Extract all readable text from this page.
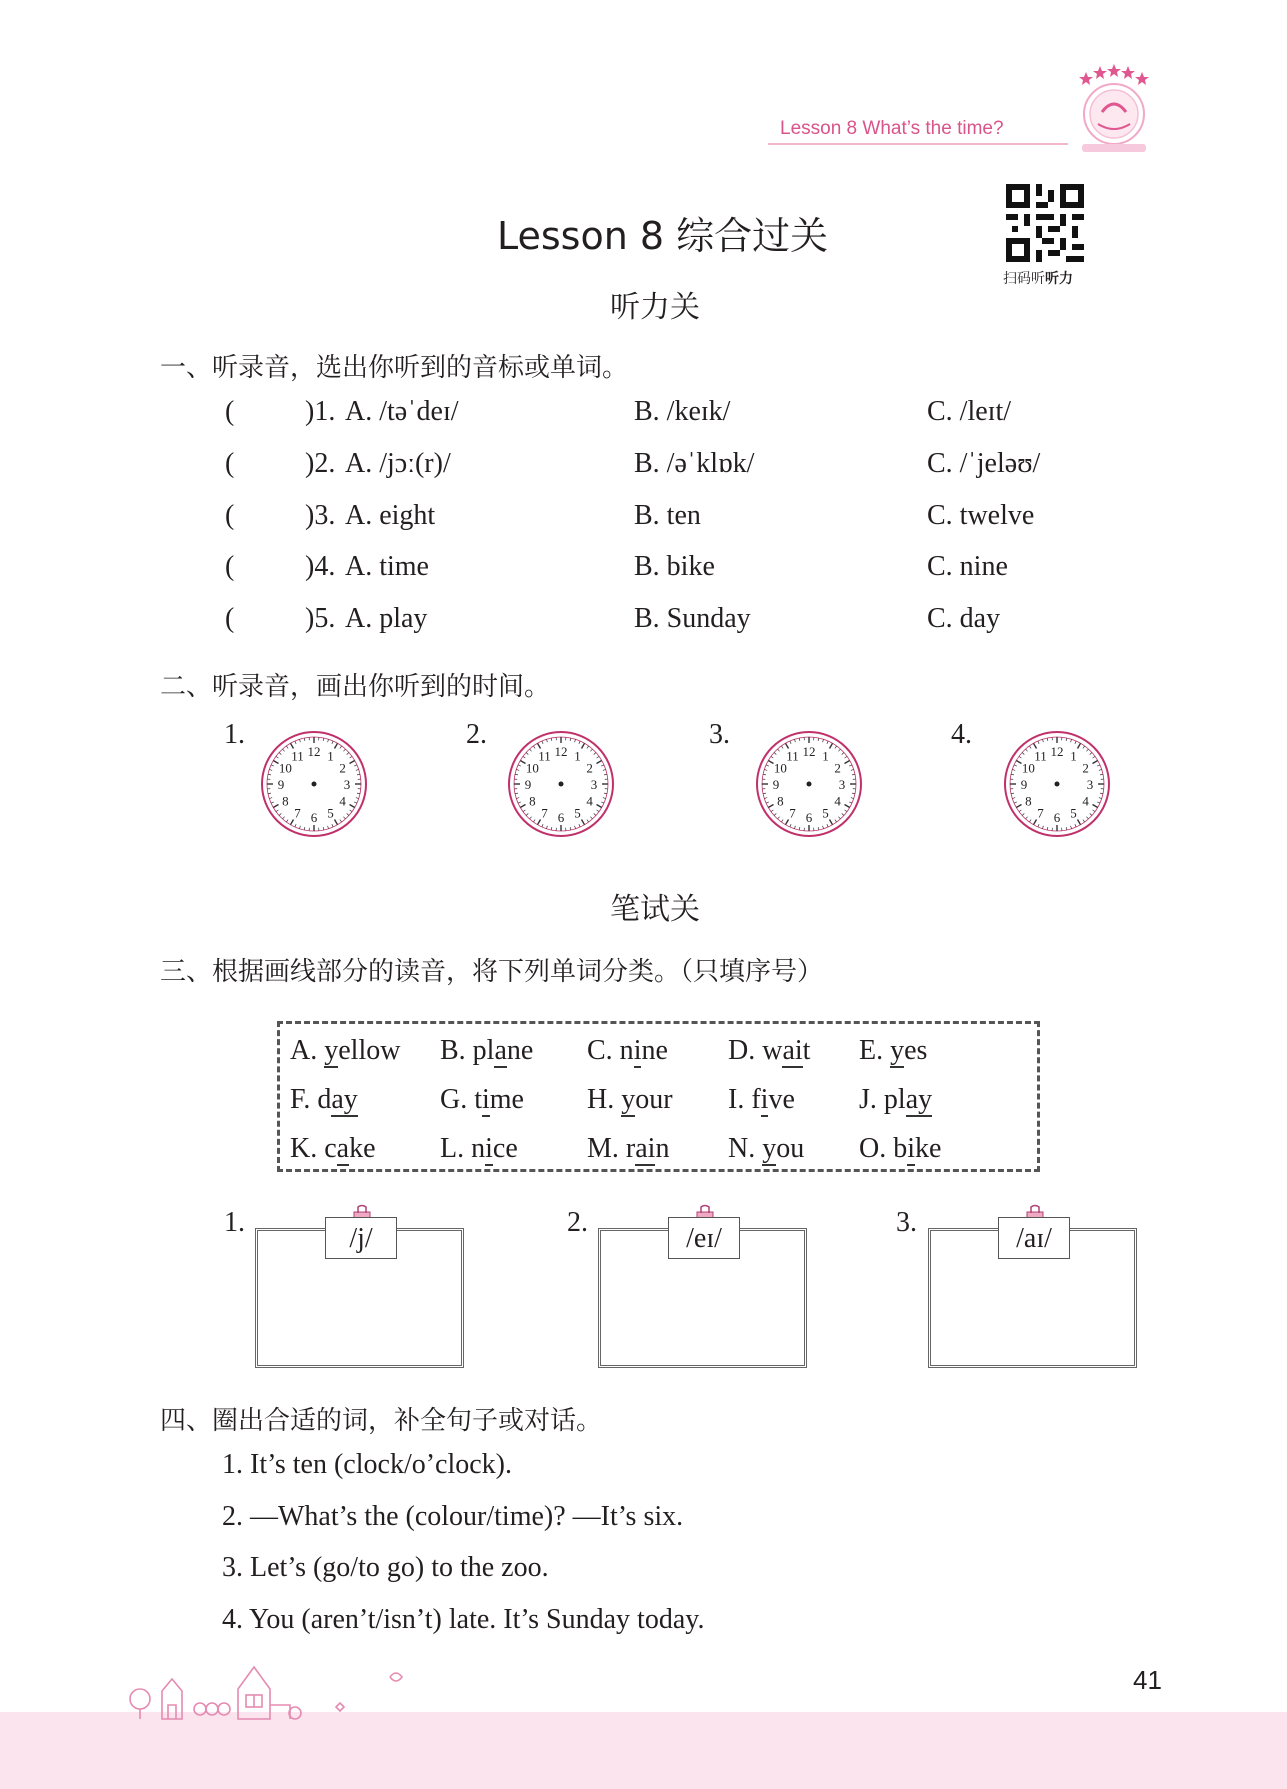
Lesson 8 What’s the time?
Lesson 8 综合过关
扫码听听力
听力关
一、听录音，选出你听到的音标或单词。
(	)1. A. /təˈdeɪ/	B. /keɪk/	C. /leɪt/
(	)2. A. /jɔː(r)/	B. /əˈklɒk/	C. /ˈjeləʊ/
(	)3. A. eight	B. ten	C. twelve
(	)4. A. time	B. bike	C. nine
(	)5. A. play	B. Sunday	C. day
二、听录音，画出你听到的时间。
1.	2.	3.	4.
1
2
3
4
5
6
7
8
9
10
11 12	1
2
3
4
5
6
7
8
9
10
11 12	1
2
3
4
5
6
7
8
9
10
11 12	1
2
3
4
5
6
7
8
9
10
11 12
笔试关
三、根据画线部分的读音，将下列单词分类。（只填序号）
A. yellow B. plane C. nine D. wait E. yes
F. day	G. time H. your I. five J. play
K. cake L. nice M. rain N. you O. bike
1.
/j/
2.
/eɪ/
3.
/aɪ/
四、圈出合适的词，补全句子或对话。
1. It’s ten (clock/o’clock).
2. —What’s the (colour/time)? —It’s six.
3. Let’s (go/to go) to the zoo.
4. You (aren’t/isn’t) late. It’s Sunday today.
41
